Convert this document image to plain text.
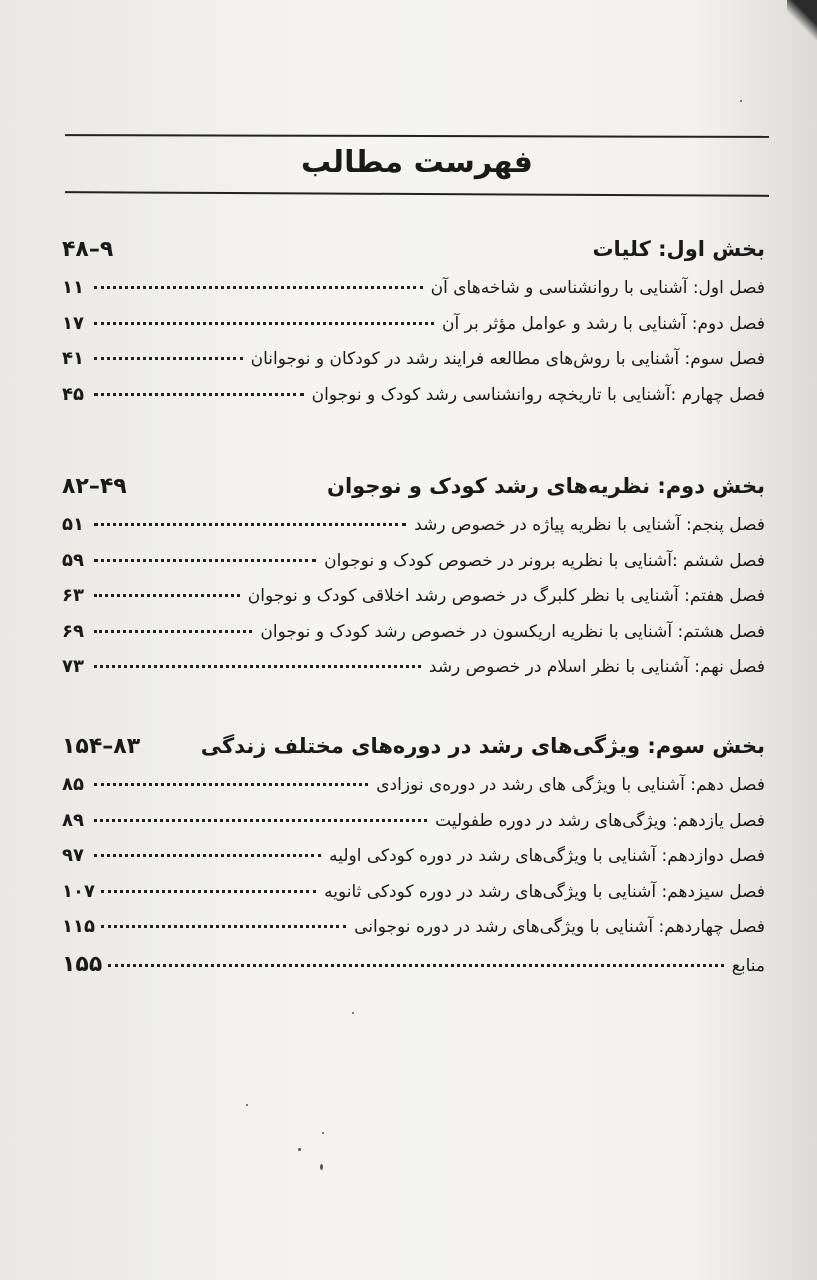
فهرست مطالب
بخش اول: کلیات
۴۸–۹
فصل اول: آشنایی با روانشناسی و شاخه‌های آن
۱۱
فصل دوم: آشنایی با رشد و عوامل مؤثر بر آن
۱۷
فصل سوم: آشنایی با روش‌های مطالعه فرایند رشد در کودکان و نوجوانان
۴۱
فصل چهارم :آشنایی با تاریخچه روانشناسی رشد کودک و نوجوان
۴۵
بخش دوم: نظریه‌های رشد کودک و نوجوان
۸۲–۴۹
فصل پنجم: آشنایی با نظریه پیاژه در خصوص رشد
۵۱
فصل ششم :آشنایی با نظریه برونر در خصوص کودک و نوجوان
۵۹
فصل هفتم: آشنایی با نظر کلبرگ در خصوص رشد اخلاقی کودک و نوجوان
۶۳
فصل هشتم: آشنایی با نظریه اریکسون در خصوص رشد کودک و نوجوان
۶۹
فصل نهم: آشنایی با نظر اسلام در خصوص رشد
۷۳
بخش سوم: ویژگی‌های رشد در دوره‌های مختلف زندگی
۱۵۴–۸۳
فصل دهم: آشنایی با ویژگی های رشد در دوره‌ی نوزادی
۸۵
فصل یازدهم: ویژگی‌های رشد در دوره طفولیت
۸۹
فصل دوازدهم: آشنایی با ویژگی‌های رشد در دوره کودکی اولیه
۹۷
فصل سیزدهم: آشنایی با ویژگی‌های رشد در دوره کودکی ثانویه
۱۰۷
فصل چهاردهم: آشنایی با ویژگی‌های رشد در دوره نوجوانی
۱۱۵
منابع
۱۵۵
